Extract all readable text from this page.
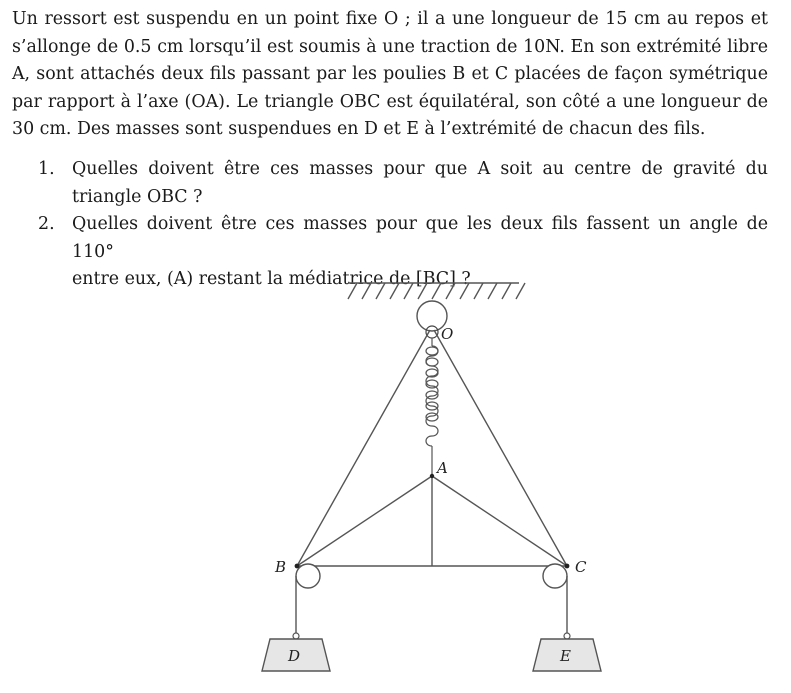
Un ressort est suspendu en un point fixe O ; il a une longueur de 15 cm au repos et
s’allonge de 0.5 cm lorsqu’il est soumis à une traction de 10N. En son extrémité libre
A, sont attachés deux fils passant par les poulies B et C placées de façon symétrique
par rapport à l’axe (OA). Le triangle OBC est équilatéral, son côté a une longueur de
30 cm. Des masses sont suspendues en D et E à l’extrémité de chacun des fils.
1. Quelles doivent être ces masses pour que A soit au centre de gravité du
triangle OBC ?
2. Quelles doivent être ces masses pour que les deux fils fassent un angle de 110°
entre eux, (A) restant la médiatrice de [BC] ?
O
A
B	C
D	E
